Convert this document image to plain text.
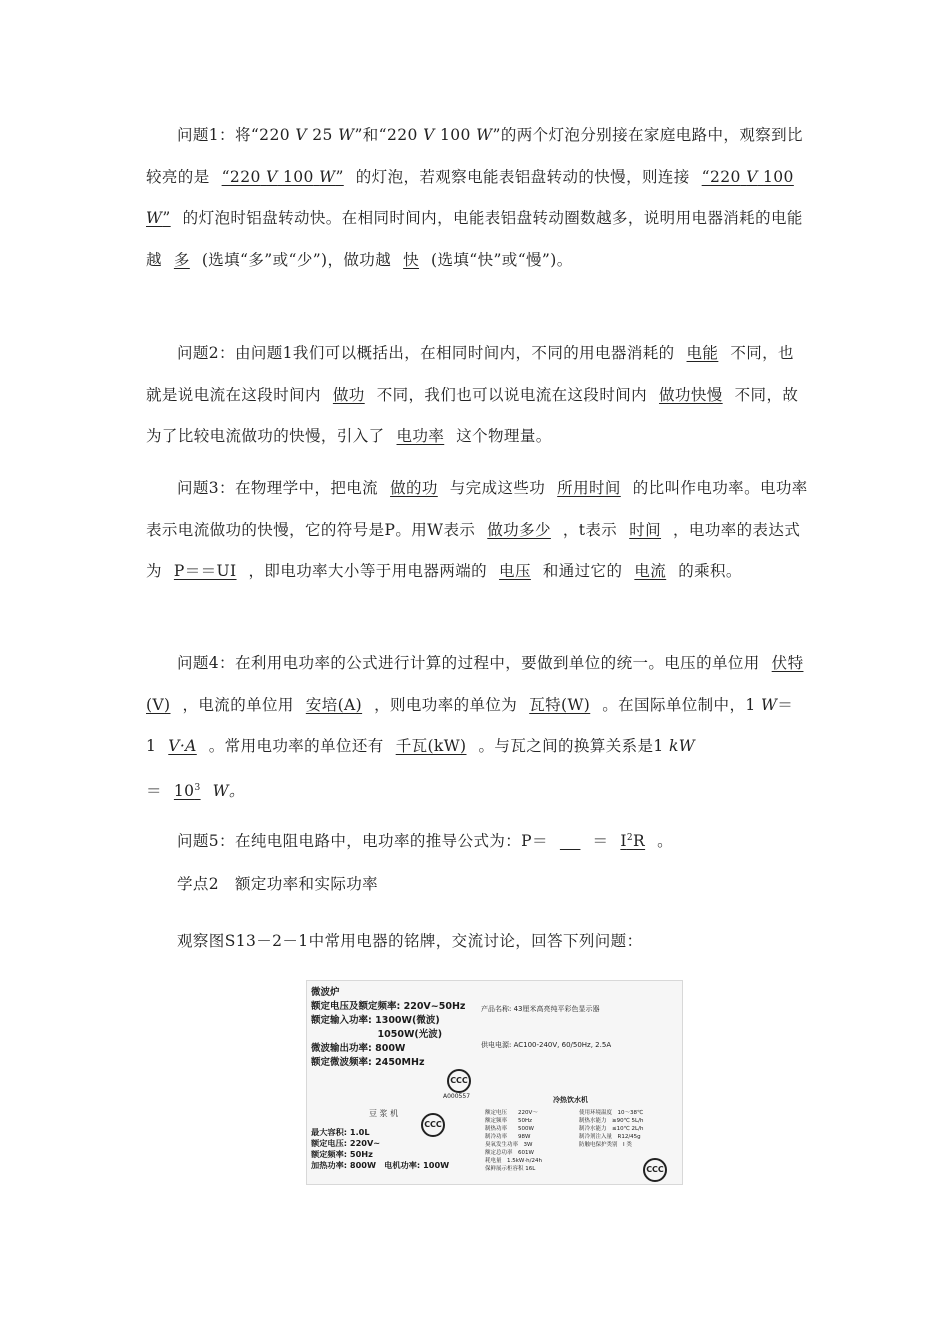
问题1：将“220 V 25 W”和“220 V 100 W”的两个灯泡分别接在家庭电路中，观察到比较亮的是 “220 V 100 W” 的灯泡，若观察电能表铝盘转动的快慢，则连接 “220 V 100 W” 的灯泡时铝盘转动快。在相同时间内，电能表铝盘转动圈数越多，说明用电器消耗的电能越 多 (选填“多”或“少”)，做功越 快 (选填“快”或“慢”)。

问题2：由问题1我们可以概括出，在相同时间内，不同的用电器消耗的 电能 不同，也就是说电流在这段时间内 做功 不同，我们也可以说电流在这段时间内 做功快慢 不同，故为了比较电流做功的快慢，引入了 电功率 这个物理量。

问题3：在物理学中，把电流 做的功 与完成这些功 所用时间 的比叫作电功率。电功率表示电流做功的快慢，它的符号是P。用W表示 做功多少 ，t表示 时间 ，电功率的表达式为 P＝＝UI ，即电功率大小等于用电器两端的 电压 和通过它的 电流 的乘积。

问题4：在利用电功率的公式进行计算的过程中，要做到单位的统一。电压的单位用 伏特(V) ，电流的单位用 安培(A) ，则电功率的单位为 瓦特(W) 。在国际单位制中，1 W＝1 V·A 。常用电功率的单位还有 千瓦(kW) 。与瓦之间的换算关系是1 kW
＝ $10^3$ W。

问题5：在纯电阻电路中，电功率的推导公式为：P＝  	＝ $I^2R$ 。

学点2　额定功率和实际功率

观察图S13－2－1中常用电器的铭牌，交流讨论，回答下列问题：

微波炉
额定电压及额定频率: 220V~50Hz
额定输入功率: 1300W(微波)
　　　　　　　1050W(光波)
微波输出功率: 800W
额定微波频率: 2450MHz
CCC
A000557
产品名称: 43厘米高亮纯平彩色显示器

供电电源: AC100-240V, 60/50Hz, 2.5A
豆 浆 机
CCC
最大容积: 1.0L
额定电压: 220V~
额定频率: 50Hz
加热功率: 800W　电机功率: 100W
冷热饮水机
额定电压　　220V～
额定频率　　50Hz
制热功率　　500W
制冷功率　　98W
臭氧发生功率　3W
额定总功率　601W
耗电量　1.5kW·h/24h
保鲜展示柜容积 16L
使用环境温度　10～38℃
制热水能力　≥90℃ 5L/h
制冷水能力　≤10℃ 2L/h
制冷剂注入量　R12/45g
防触电保护类别　Ⅰ 类
CCC
